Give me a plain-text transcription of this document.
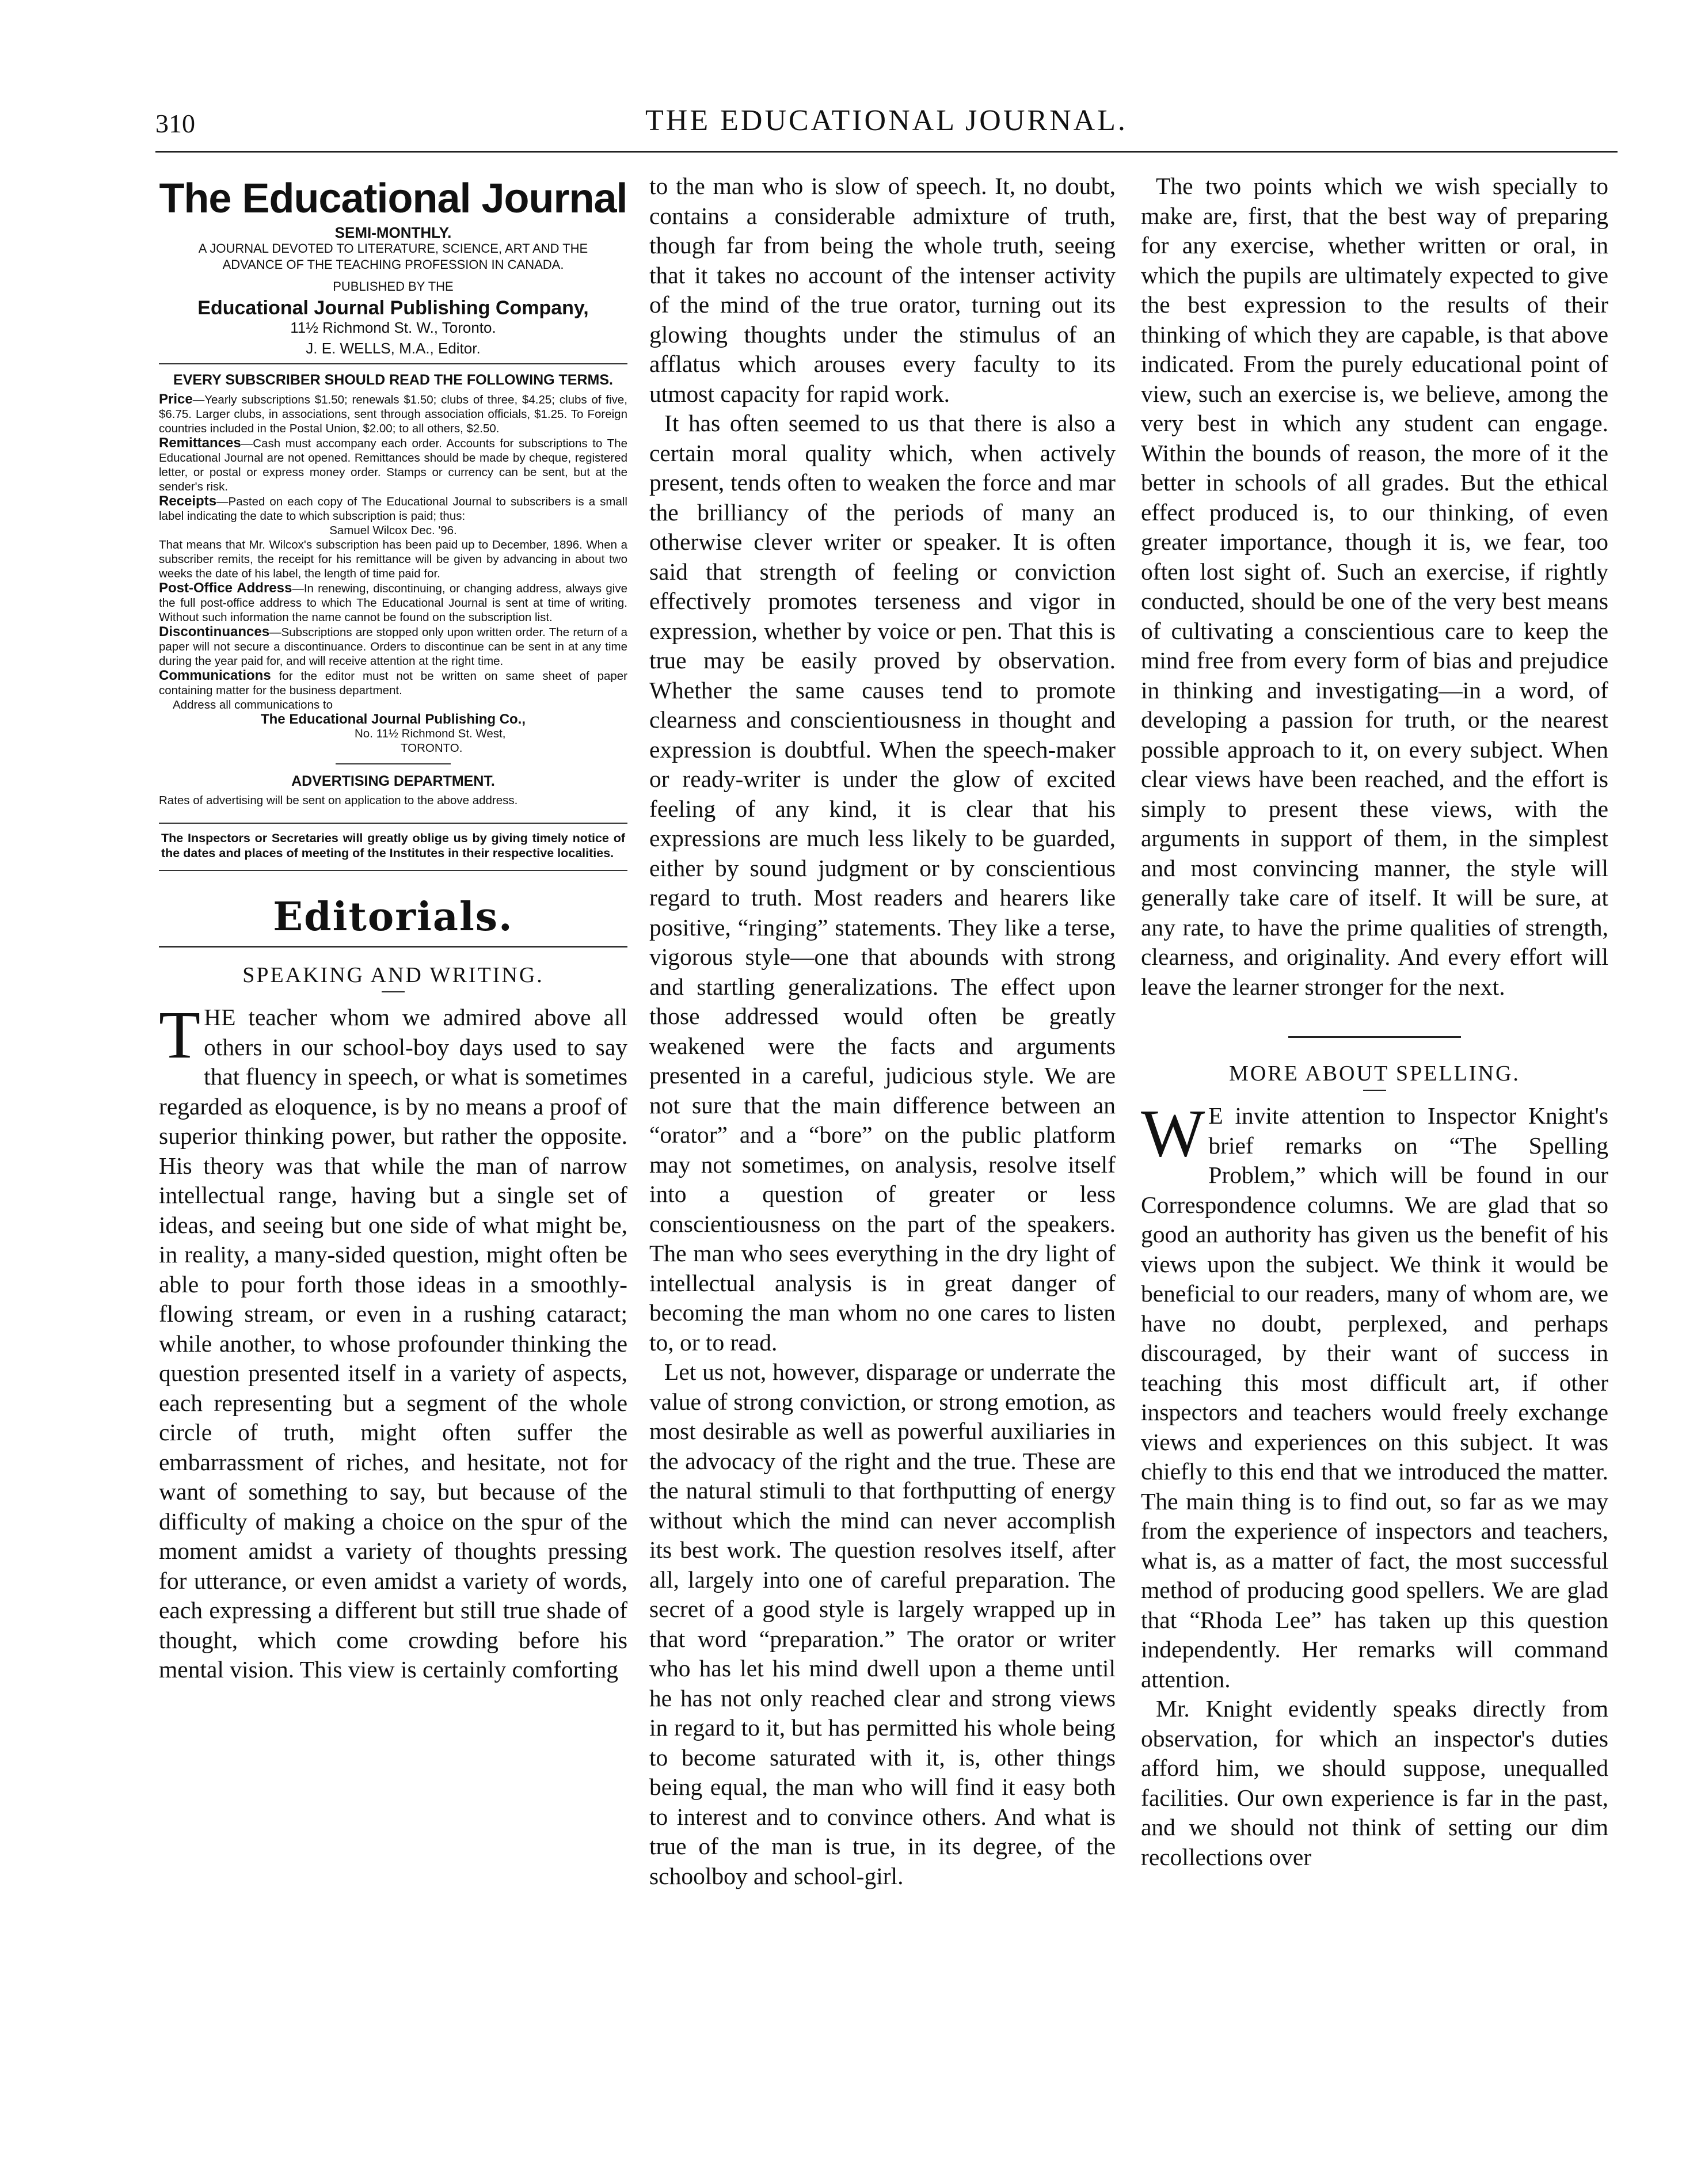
310	THE EDUCATIONAL JOURNAL.
The Educational Journal
SEMI-MONTHLY.
A JOURNAL DEVOTED TO LITERATURE, SCIENCE, ART AND THE ADVANCE OF THE TEACHING PROFESSION IN CANADA.
PUBLISHED BY THE
Educational Journal Publishing Company,
11½ Richmond St. W., Toronto.
J. E. WELLS, M.A., Editor.
EVERY SUBSCRIBER SHOULD READ THE FOLLOWING TERMS.

Price—Yearly subscriptions $1.50; renewals $1.50; clubs of three, $4.25; clubs of five, $6.75. Larger clubs, in associations, sent through association officials, $1.25. To Foreign countries included in the Postal Union, $2.00; to all others, $2.50.

Remittances—Cash must accompany each order. Accounts for subscriptions to The Educational Journal are not opened. Remittances should be made by cheque, registered letter, or postal or express money order. Stamps or currency can be sent, but at the sender's risk.

Receipts—Pasted on each copy of The Educational Journal to subscribers is a small label indicating the date to which subscription is paid; thus:

Samuel Wilcox Dec. '96.

That means that Mr. Wilcox's subscription has been paid up to December, 1896. When a subscriber remits, the receipt for his remittance will be given by advancing in about two weeks the date of his label, the length of time paid for.

Post-Office Address—In renewing, discontinuing, or changing address, always give the full post-office address to which The Educational Journal is sent at time of writing. Without such information the name cannot be found on the subscription list.

Discontinuances—Subscriptions are stopped only upon written order. The return of a paper will not secure a discontinuance. Orders to discontinue can be sent in at any time during the year paid for, and will receive attention at the right time.

Communications for the editor must not be written on same sheet of paper containing matter for the business department.

Address all communications to

The Educational Journal Publishing Co.,

No. 11½ Richmond St. West,

TORONTO.

ADVERTISING DEPARTMENT.
Rates of advertising will be sent on application to the above address.
The Inspectors or Secretaries will greatly oblige us by giving timely notice of the dates and places of meeting of the Institutes in their respective localities.
Editorials.
SPEAKING AND WRITING.

THE teacher whom we admired above all others in our school-boy days used to say that fluency in speech, or what is sometimes regarded as eloquence, is by no means a proof of superior thinking power, but rather the opposite. His theory was that while the man of narrow intellectual range, having but a single set of ideas, and seeing but one side of what might be, in reality, a many-sided question, might often be able to pour forth those ideas in a smoothly-flowing stream, or even in a rushing cataract; while another, to whose profounder thinking the question presented itself in a variety of aspects, each representing but a segment of the whole circle of truth, might often suffer the embarrassment of riches, and hesitate, not for want of something to say, but because of the difficulty of making a choice on the spur of the moment amidst a variety of thoughts pressing for utterance, or even amidst a variety of words, each expressing a different but still true shade of thought, which come crowding before his mental vision. This view is certainly comforting

to the man who is slow of speech. It, no doubt, contains a considerable admixture of truth, though far from being the whole truth, seeing that it takes no account of the intenser activity of the mind of the true orator, turning out its glowing thoughts under the stimulus of an afflatus which arouses every faculty to its utmost capacity for rapid work.

It has often seemed to us that there is also a certain moral quality which, when actively present, tends often to weaken the force and mar the brilliancy of the periods of many an otherwise clever writer or speaker. It is often said that strength of feeling or conviction effectively promotes terseness and vigor in expression, whether by voice or pen. That this is true may be easily proved by observation. Whether the same causes tend to promote clearness and conscientiousness in thought and expression is doubtful. When the speech-maker or ready-writer is under the glow of excited feeling of any kind, it is clear that his expressions are much less likely to be guarded, either by sound judgment or by conscientious regard to truth. Most readers and hearers like positive, “ringing” statements. They like a terse, vigorous style—one that abounds with strong and startling generalizations. The effect upon those addressed would often be greatly weakened were the facts and arguments presented in a careful, judicious style. We are not sure that the main difference between an “orator” and a “bore” on the public platform may not sometimes, on analysis, resolve itself into a question of greater or less conscientiousness on the part of the speakers. The man who sees everything in the dry light of intellectual analysis is in great danger of becoming the man whom no one cares to listen to, or to read.

Let us not, however, disparage or underrate the value of strong conviction, or strong emotion, as most desirable as well as powerful auxiliaries in the advocacy of the right and the true. These are the natural stimuli to that forthputting of energy without which the mind can never accomplish its best work. The question resolves itself, after all, largely into one of careful preparation. The secret of a good style is largely wrapped up in that word “preparation.” The orator or writer who has let his mind dwell upon a theme until he has not only reached clear and strong views in regard to it, but has permitted his whole being to become saturated with it, is, other things being equal, the man who will find it easy both to interest and to convince others. And what is true of the man is true, in its degree, of the schoolboy and school-girl.

The two points which we wish specially to make are, first, that the best way of preparing for any exercise, whether written or oral, in which the pupils are ultimately expected to give the best expression to the results of their thinking of which they are capable, is that above indicated. From the purely educational point of view, such an exercise is, we believe, among the very best in which any student can engage. Within the bounds of reason, the more of it the better in schools of all grades. But the ethical effect produced is, to our thinking, of even greater importance, though it is, we fear, too often lost sight of. Such an exercise, if rightly conducted, should be one of the very best means of cultivating a conscientious care to keep the mind free from every form of bias and prejudice in thinking and investigating—in a word, of developing a passion for truth, or the nearest possible approach to it, on every subject. When clear views have been reached, and the effort is simply to present these views, with the arguments in support of them, in the simplest and most convincing manner, the style will generally take care of itself. It will be sure, at any rate, to have the prime qualities of strength, clearness, and originality. And every effort will leave the learner stronger for the next.

MORE ABOUT SPELLING.

W E invite attention to Inspector Knight's brief remarks on “The Spelling Problem,” which will be found in our Correspondence columns. We are glad that so good an authority has given us the benefit of his views upon the subject. We think it would be beneficial to our readers, many of whom are, we have no doubt, perplexed, and perhaps discouraged, by their want of success in teaching this most difficult art, if other inspectors and teachers would freely exchange views and experiences on this subject. It was chiefly to this end that we introduced the matter. The main thing is to find out, so far as we may from the experience of inspectors and teachers, what is, as a matter of fact, the most successful method of producing good spellers. We are glad that “Rhoda Lee” has taken up this question independently. Her remarks will command attention.

Mr. Knight evidently speaks directly from observation, for which an inspector's duties afford him, we should suppose, unequalled facilities. Our own experience is far in the past, and we should not think of setting our dim recollections over
